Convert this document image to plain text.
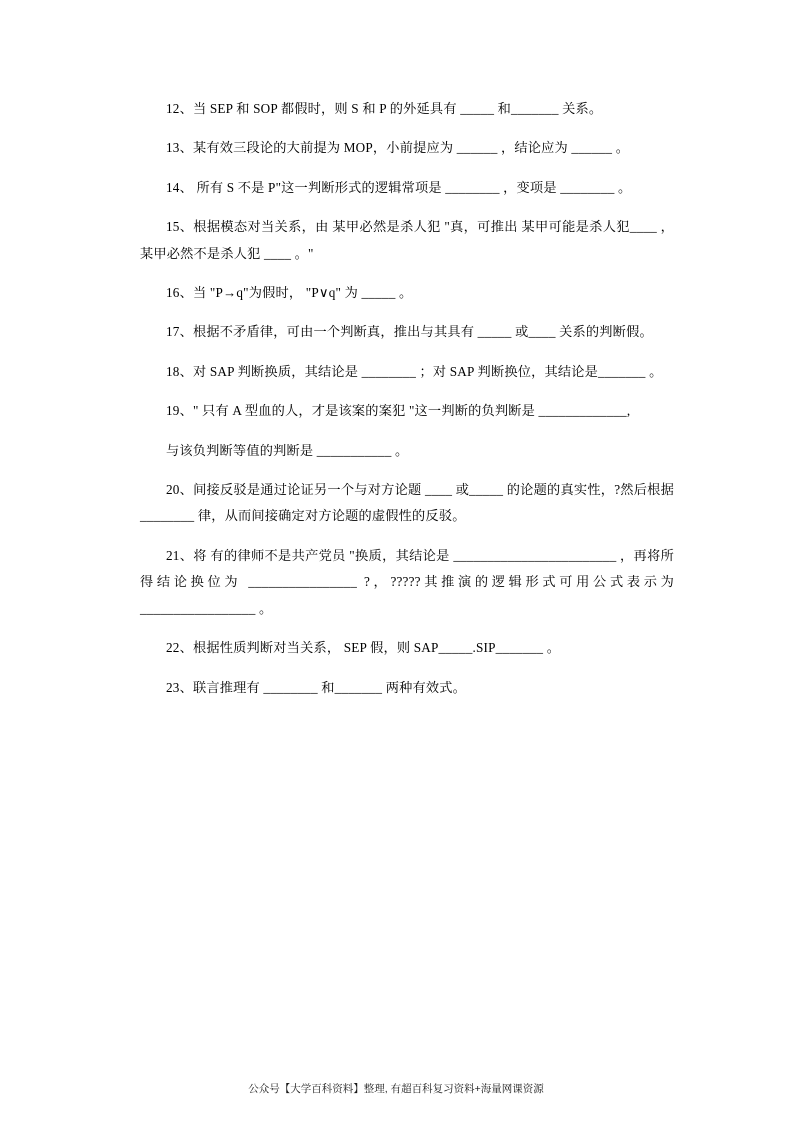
12、当 SEP 和 SOP 都假时，则 S 和 P 的外延具有 _____ 和_______ 关系。

13、某有效三段论的大前提为 MOP，小前提应为 ______ ，结论应为 ______ 。

14、 所有 S 不是 P"这一判断形式的逻辑常项是 ________ ，变项是 ________ 。

15、根据模态对当关系，由 某甲必然是杀人犯 "真，可推出 某甲可能是杀人犯____ ，某甲必然不是杀人犯 ____ 。"

16、当 "P→q"为假时， "P∨q" 为 _____ 。

17、根据不矛盾律，可由一个判断真，推出与其具有 _____ 或____ 关系的判断假。

18、对 SAP 判断换质，其结论是 ________ ；对 SAP 判断换位，其结论是_______ 。

19、" 只有 A 型血的人，才是该案的案犯 "这一判断的负判断是 _____________,

与该负判断等值的判断是 ___________ 。

20、间接反驳是通过论证另一个与对方论题 ____ 或_____ 的论题的真实性，?然后根据 ________ 律，从而间接确定对方论题的虚假性的反驳。

21、将 有的律师不是共产党员 "换质，其结论是 ________________________ ，再将所得结论换位为 ________________ ?，?????其推演的逻辑形式可用公式表示为 _________________ 。

22、根据性质判断对当关系， SEP 假，则 SAP_____.SIP_______ 。

23、联言推理有 ________ 和_______ 两种有效式。

公众号【大学百科资料】整理, 有超百科复习资料+海量网课资源
